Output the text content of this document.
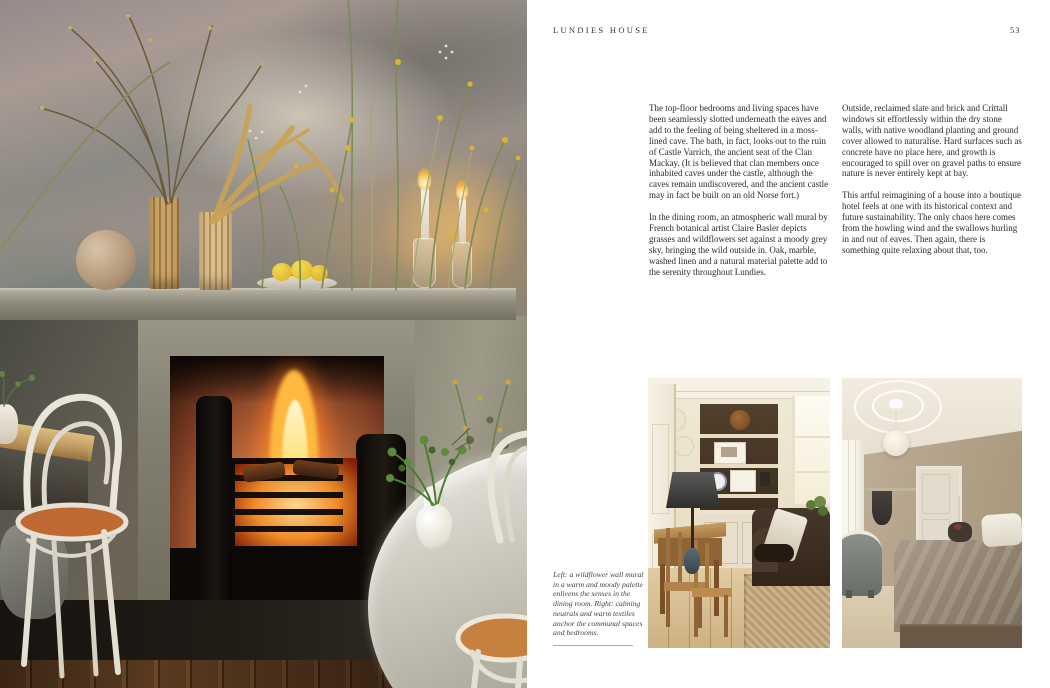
LUNDIES HOUSE	53

The top-floor bedrooms and living spaces have been seamlessly slotted underneath the eaves and add to the feeling of being sheltered in a moss-lined cave. The bath, in fact, looks out to the ruin of Castle Varrich, the ancient seat of the Clan Mackay. (It is believed that clan members once inhabited caves under the castle, although the caves remain undiscovered, and the ancient castle may in fact be built on an old Norse fort.)

In the dining room, an atmospheric wall mural by French botanical artist Claire Basler depicts grasses and wildflowers set against a moody grey sky, bringing the wild outside in. Oak, marble, washed linen and a natural material palette add to the serenity throughout Lundies.

Outside, reclaimed slate and brick and Crittall windows sit effortlessly within the dry stone walls, with native woodland planting and ground cover allowed to naturalise. Hard surfaces such as concrete have no place here, and growth is encouraged to spill over on gravel paths to ensure nature is never entirely kept at bay.

This artful reimagining of a house into a boutique hotel feels at one with its historical context and future sustainability. The only chaos here comes from the howling wind and the swallows hurling in and out of eaves. Then again, there is something quite relaxing about that, too.

Left: a wildflower wall mural in a warm and moody palette enlivens the senses in the dining room. Right: calming neutrals and warm textiles anchor the communal spaces and bedrooms.
